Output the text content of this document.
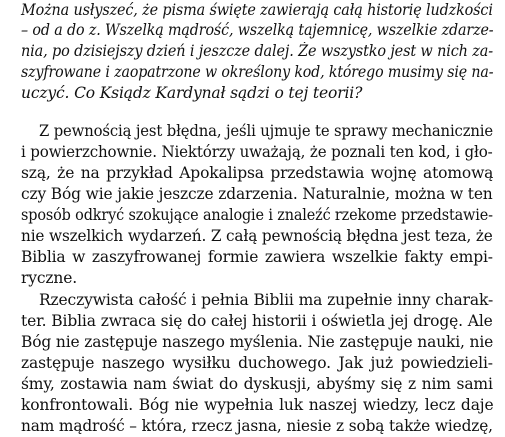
Można usłyszeć, że pisma święte zawierają całą historię ludzkości
– od a do z. Wszelką mądrość, wszelką tajemnicę, wszelkie zdarze-
nia, po dzisiejszy dzień i jeszcze dalej. Że wszystko jest w nich za-
szyfrowane i zaopatrzone w określony kod, którego musimy się na-
uczyć. Co Ksiądz Kardynał sądzi o tej teorii?
Z pewnością jest błędna, jeśli ujmuje te sprawy mechanicznie
i powierzchownie. Niektórzy uważają, że poznali ten kod, i gło-
szą, że na przykład Apokalipsa przedstawia wojnę atomową
czy Bóg wie jakie jeszcze zdarzenia. Naturalnie, można w ten
sposób odkryć szokujące analogie i znaleźć rzekome przedstawie-
nie wszelkich wydarzeń. Z całą pewnością błędna jest teza, że
Biblia w zaszyfrowanej formie zawiera wszelkie fakty empi-
ryczne.
Rzeczywista całość i pełnia Biblii ma zupełnie inny charak-
ter. Biblia zwraca się do całej historii i oświetla jej drogę. Ale
Bóg nie zastępuje naszego myślenia. Nie zastępuje nauki, nie
zastępuje naszego wysiłku duchowego. Jak już powiedzieli-
śmy, zostawia nam świat do dyskusji, abyśmy się z nim sami
konfrontowali. Bóg nie wypełnia luk naszej wiedzy, lecz daje
nam mądrość – która, rzecz jasna, niesie z sobą także wiedzę,
